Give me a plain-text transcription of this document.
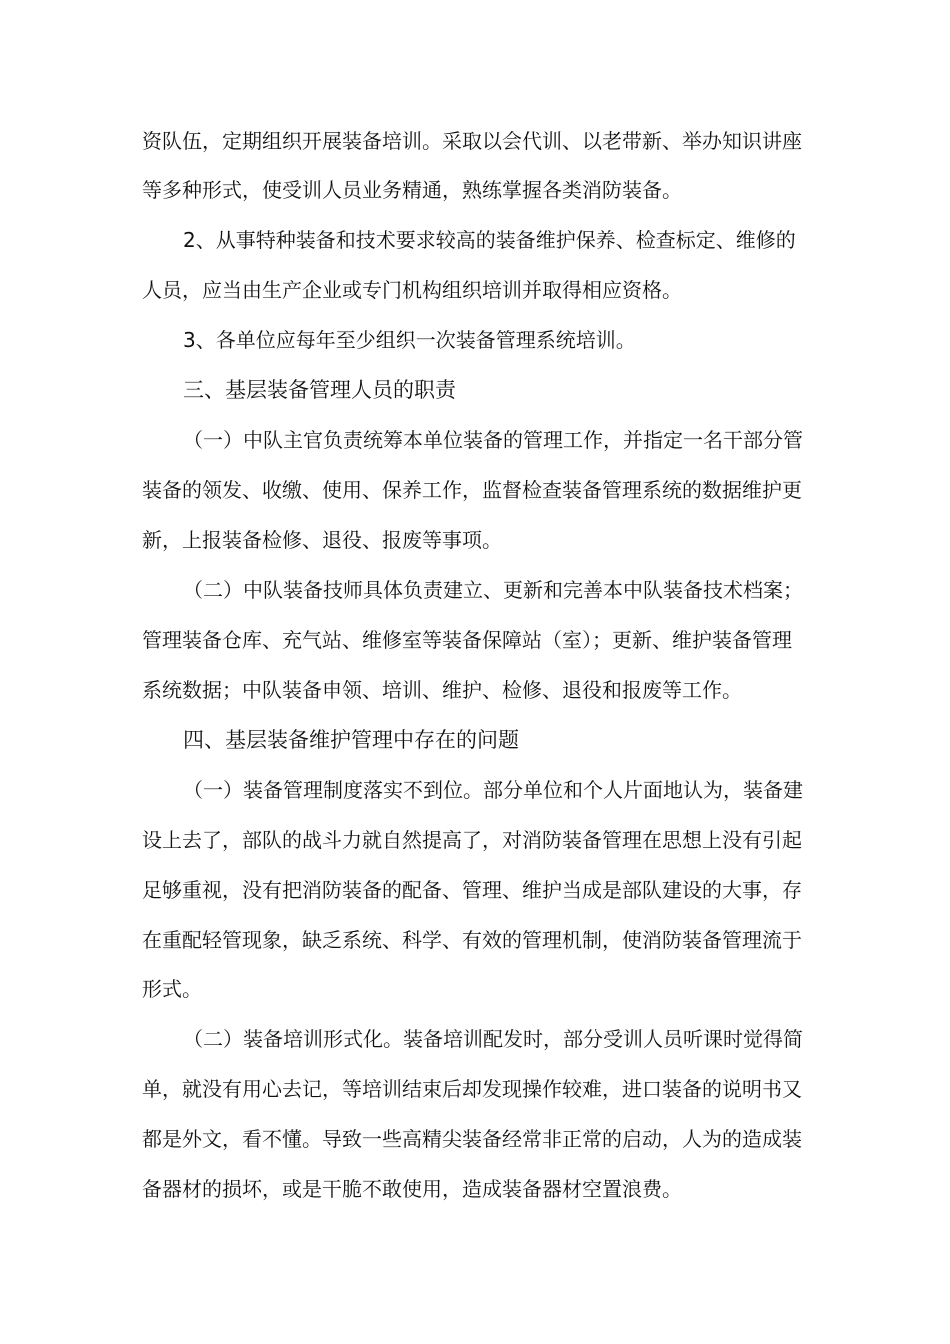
资队伍，定期组织开展装备培训。采取以会代训、以老带新、举办知识讲座
等多种形式，使受训人员业务精通，熟练掌握各类消防装备。
2、从事特种装备和技术要求较高的装备维护保养、检查标定、维修的
人员，应当由生产企业或专门机构组织培训并取得相应资格。
3、各单位应每年至少组织一次装备管理系统培训。
三、基层装备管理人员的职责
（一）中队主官负责统筹本单位装备的管理工作，并指定一名干部分管
装备的领发、收缴、使用、保养工作，监督检查装备管理系统的数据维护更
新，上报装备检修、退役、报废等事项。
（二）中队装备技师具体负责建立、更新和完善本中队装备技术档案；
管理装备仓库、充气站、维修室等装备保障站（室）；更新、维护装备管理
系统数据；中队装备申领、培训、维护、检修、退役和报废等工作。
四、基层装备维护管理中存在的问题
（一）装备管理制度落实不到位。部分单位和个人片面地认为，装备建
设上去了，部队的战斗力就自然提高了，对消防装备管理在思想上没有引起
足够重视，没有把消防装备的配备、管理、维护当成是部队建设的大事，存
在重配轻管现象，缺乏系统、科学、有效的管理机制，使消防装备管理流于
形式。
（二）装备培训形式化。装备培训配发时，部分受训人员听课时觉得简
单，就没有用心去记，等培训结束后却发现操作较难，进口装备的说明书又
都是外文，看不懂。导致一些高精尖装备经常非正常的启动，人为的造成装
备器材的损坏，或是干脆不敢使用，造成装备器材空置浪费。
